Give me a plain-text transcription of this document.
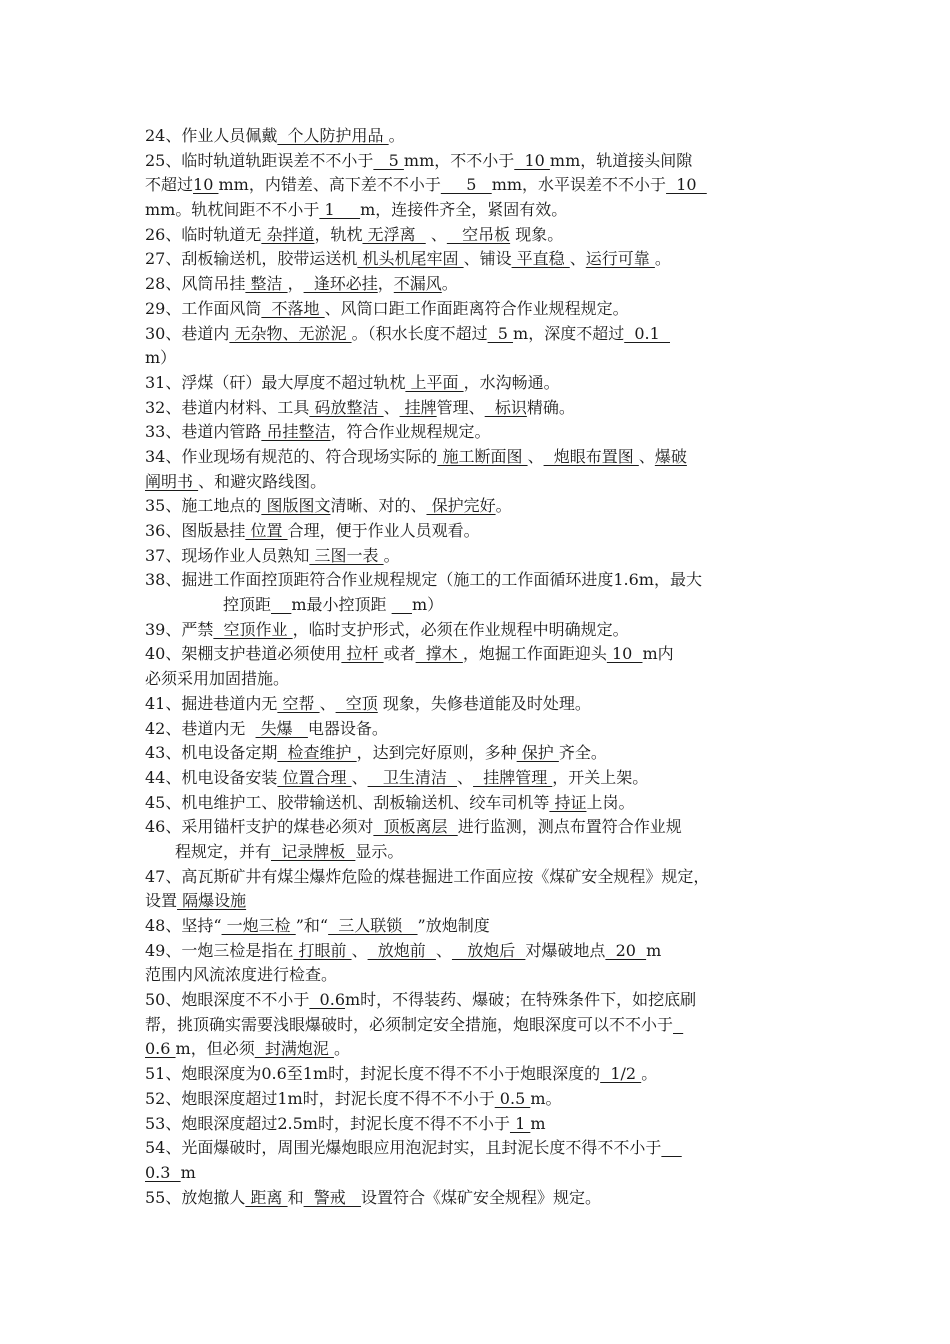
24、作业人员佩戴  个人防护用品 。
25、临时轨道轨距误差不不小于   5 mm，不不小于  10 mm，轨道接头间隙
不超过10 mm，内错差、高下差不不小于     5   mm，水平误差不不小于  10
mm。轨枕间距不不小于 1     m，连接件齐全，紧固有效。
26、临时轨道无 杂拌道，轨枕 无浮离   、   空吊板 现象。
27、刮板输送机，胶带运送机 机头机尾牢固 、铺设 平直稳 、运行可靠 。
28、风筒吊挂 整洁 ，  逢环必挂，不漏风。
29、工作面风筒  不落地 、风筒口距工作面距离符合作业规程规定。
30、巷道内 无杂物、无淤泥 。（积水长度不超过  5 m，深度不超过  0.1
m）
31、浮煤（矸）最大厚度不超过轨枕 上平面 ，水沟畅通。
32、巷道内材料、工具 码放整洁 、 挂牌管理、  标识精确。
33、巷道内管路 吊挂整洁，符合作业规程规定。
34、作业现场有规范的、符合现场实际的 施工断面图 、  炮眼布置图 、爆破
阐明书 、和避灾路线图。
35、施工地点的 图版图文清晰、对的、 保护完好。
36、图版悬挂 位置 合理，便于作业人员观看。
37、现场作业人员熟知 三图一表 。
38、掘进工作面控顶距符合作业规程规定（施工的工作面循环进度1.6m，最大
控顶距 m最小控顶距     m）
39、严禁  空顶作业 ，临时支护形式，必须在作业规程中明确规定。
40、架棚支护巷道必须使用 拉杆 或者  撑木 ，炮掘工作面距迎头 10  m内
必须采用加固措施。
41、掘进巷道内无 空帮 、  空顶 现象，失修巷道能及时处理。
42、巷道内无   失爆   电器设备。
43、机电设备定期  检查维护 ，达到完好原则，多种 保护 齐全。
44、机电设备安装 位置合理 、   卫生清洁  、  挂牌管理 ，开关上架。
45、机电维护工、胶带输送机、刮板输送机、绞车司机等 持证上岗。
46、采用锚杆支护的煤巷必须对  顶板离层  进行监测，测点布置符合作业规
程规定，并有  记录牌板  显示。
47、高瓦斯矿井有煤尘爆炸危险的煤巷掘进工作面应按《煤矿安全规程》规定，
设置 隔爆设施
48、坚持“ 一炮三检 ”和“  三人联锁   ”放炮制度
49、一炮三检是指在 打眼前 、  放炮前  、   放炮后  对爆破地点  20  m
范围内风流浓度进行检查。
50、炮眼深度不不小于  0.6m时，不得装药、爆破；在特殊条件下，如挖底刷
帮，挑顶确实需要浅眼爆破时，必须制定安全措施，炮眼深度可以不不小于
0.6 m，但必须  封满炮泥 。
51、炮眼深度为0.6至1m时，封泥长度不得不不小于炮眼深度的  1/2 。
52、炮眼深度超过1m时，封泥长度不得不不小于 0.5 m。
53、炮眼深度超过2.5m时，封泥长度不得不不小于 1 m
54、光面爆破时，周围光爆炮眼应用泡泥封实，且封泥长度不得不不小于
0.3  m
55、放炮撤人 距离 和  警戒   设置符合《煤矿安全规程》规定。
